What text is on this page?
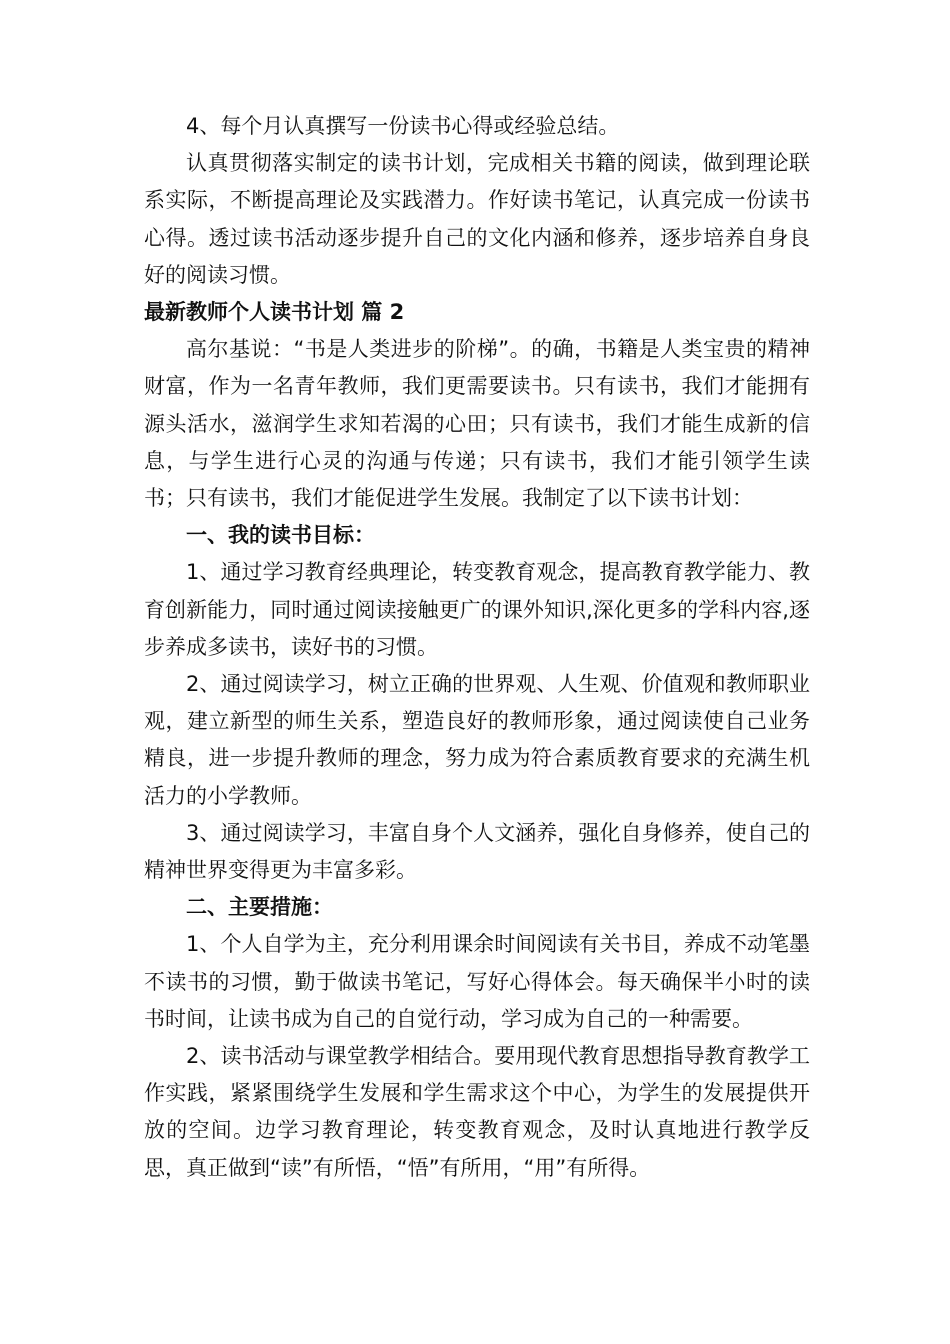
4、每个月认真撰写一份读书心得或经验总结。

认真贯彻落实制定的读书计划，完成相关书籍的阅读，做到理论联系实际，不断提高理论及实践潜力。作好读书笔记，认真完成一份读书心得。透过读书活动逐步提升自己的文化内涵和修养，逐步培养自身良好的阅读习惯。

最新教师个人读书计划 篇 2

高尔基说：“书是人类进步的阶梯”。的确，书籍是人类宝贵的精神财富，作为一名青年教师，我们更需要读书。只有读书，我们才能拥有源头活水，滋润学生求知若渴的心田；只有读书，我们才能生成新的信息，与学生进行心灵的沟通与传递；只有读书，我们才能引领学生读书；只有读书，我们才能促进学生发展。我制定了以下读书计划：

一、我的读书目标：

1、通过学习教育经典理论，转变教育观念，提高教育教学能力、教育创新能力，同时通过阅读接触更广的课外知识,深化更多的学科内容,逐步养成多读书，读好书的习惯。

2、通过阅读学习，树立正确的世界观、人生观、价值观和教师职业观，建立新型的师生关系，塑造良好的教师形象，通过阅读使自己业务精良，进一步提升教师的理念，努力成为符合素质教育要求的充满生机活力的小学教师。

3、通过阅读学习，丰富自身个人文涵养，强化自身修养，使自己的精神世界变得更为丰富多彩。

二、主要措施：

1、个人自学为主，充分利用课余时间阅读有关书目，养成不动笔墨不读书的习惯，勤于做读书笔记，写好心得体会。每天确保半小时的读书时间，让读书成为自己的自觉行动，学习成为自己的一种需要。

2、读书活动与课堂教学相结合。要用现代教育思想指导教育教学工作实践，紧紧围绕学生发展和学生需求这个中心，为学生的发展提供开放的空间。边学习教育理论，转变教育观念，及时认真地进行教学反思，真正做到“读”有所悟，“悟”有所用，“用”有所得。
